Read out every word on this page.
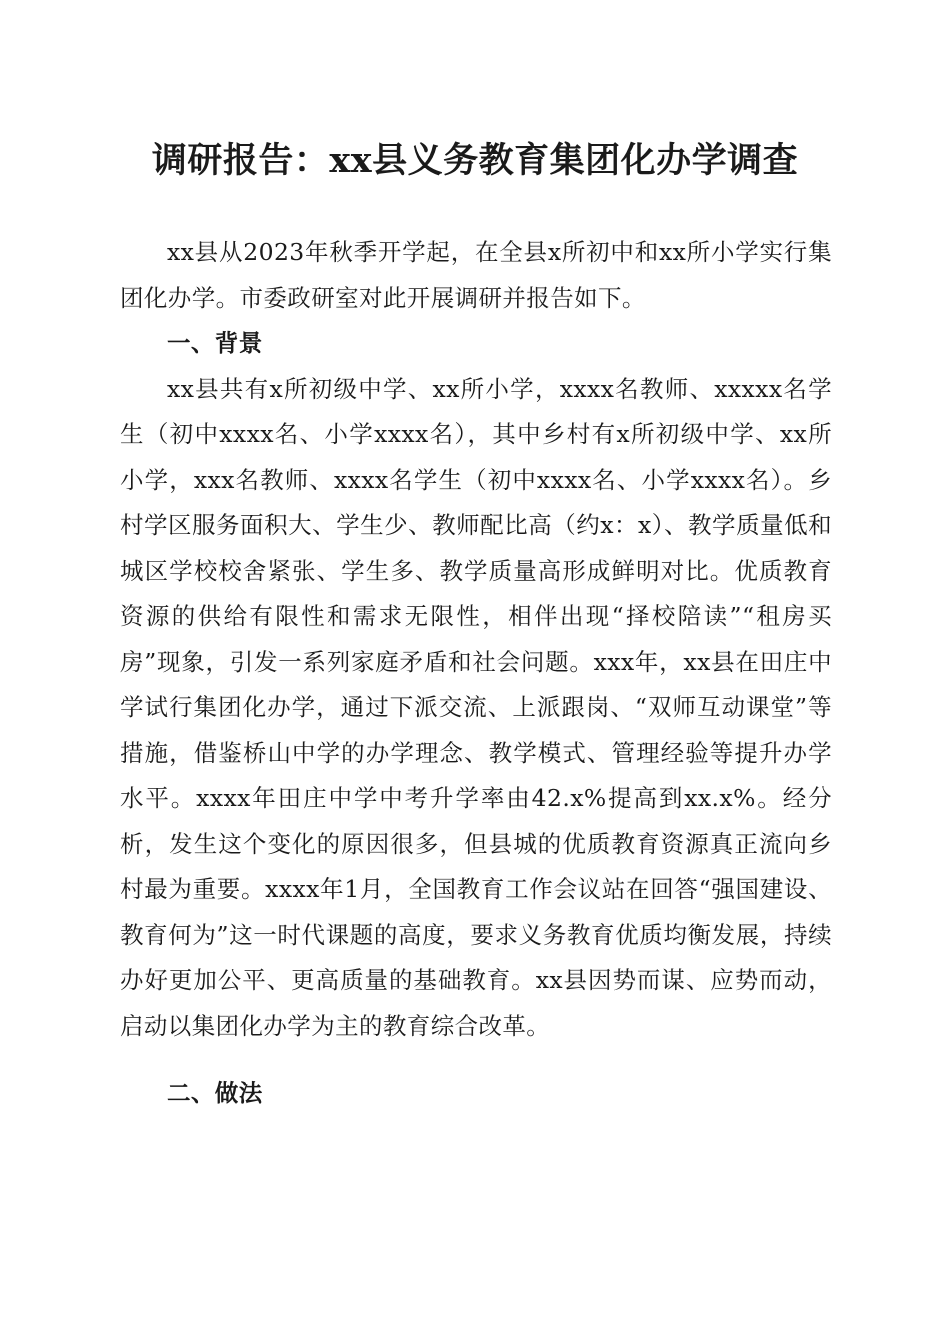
调研报告：xx县义务教育集团化办学调查

xx县从2023年秋季开学起，在全县x所初中和xx所小学实行集团化办学。市委政研室对此开展调研并报告如下。

一、背景

xx县共有x所初级中学、xx所小学，xxxx名教师、xxxxx名学生（初中xxxx名、小学xxxx名），其中乡村有x所初级中学、xx所小学，xxx名教师、xxxx名学生（初中xxxx名、小学xxxx名）。乡村学区服务面积大、学生少、教师配比高（约x：x）、教学质量低和城区学校校舍紧张、学生多、教学质量高形成鲜明对比。优质教育资源的供给有限性和需求无限性，相伴出现“择校陪读”“租房买房”现象，引发一系列家庭矛盾和社会问题。xxx年，xx县在田庄中学试行集团化办学，通过下派交流、上派跟岗、“双师互动课堂”等措施，借鉴桥山中学的办学理念、教学模式、管理经验等提升办学水平。xxxx年田庄中学中考升学率由42.x%提高到xx.x%。经分析，发生这个变化的原因很多，但县城的优质教育资源真正流向乡村最为重要。xxxx年1月，全国教育工作会议站在回答“强国建设、教育何为”这一时代课题的高度，要求义务教育优质均衡发展，持续办好更加公平、更高质量的基础教育。xx县因势而谋、应势而动，启动以集团化办学为主的教育综合改革。

二、做法
